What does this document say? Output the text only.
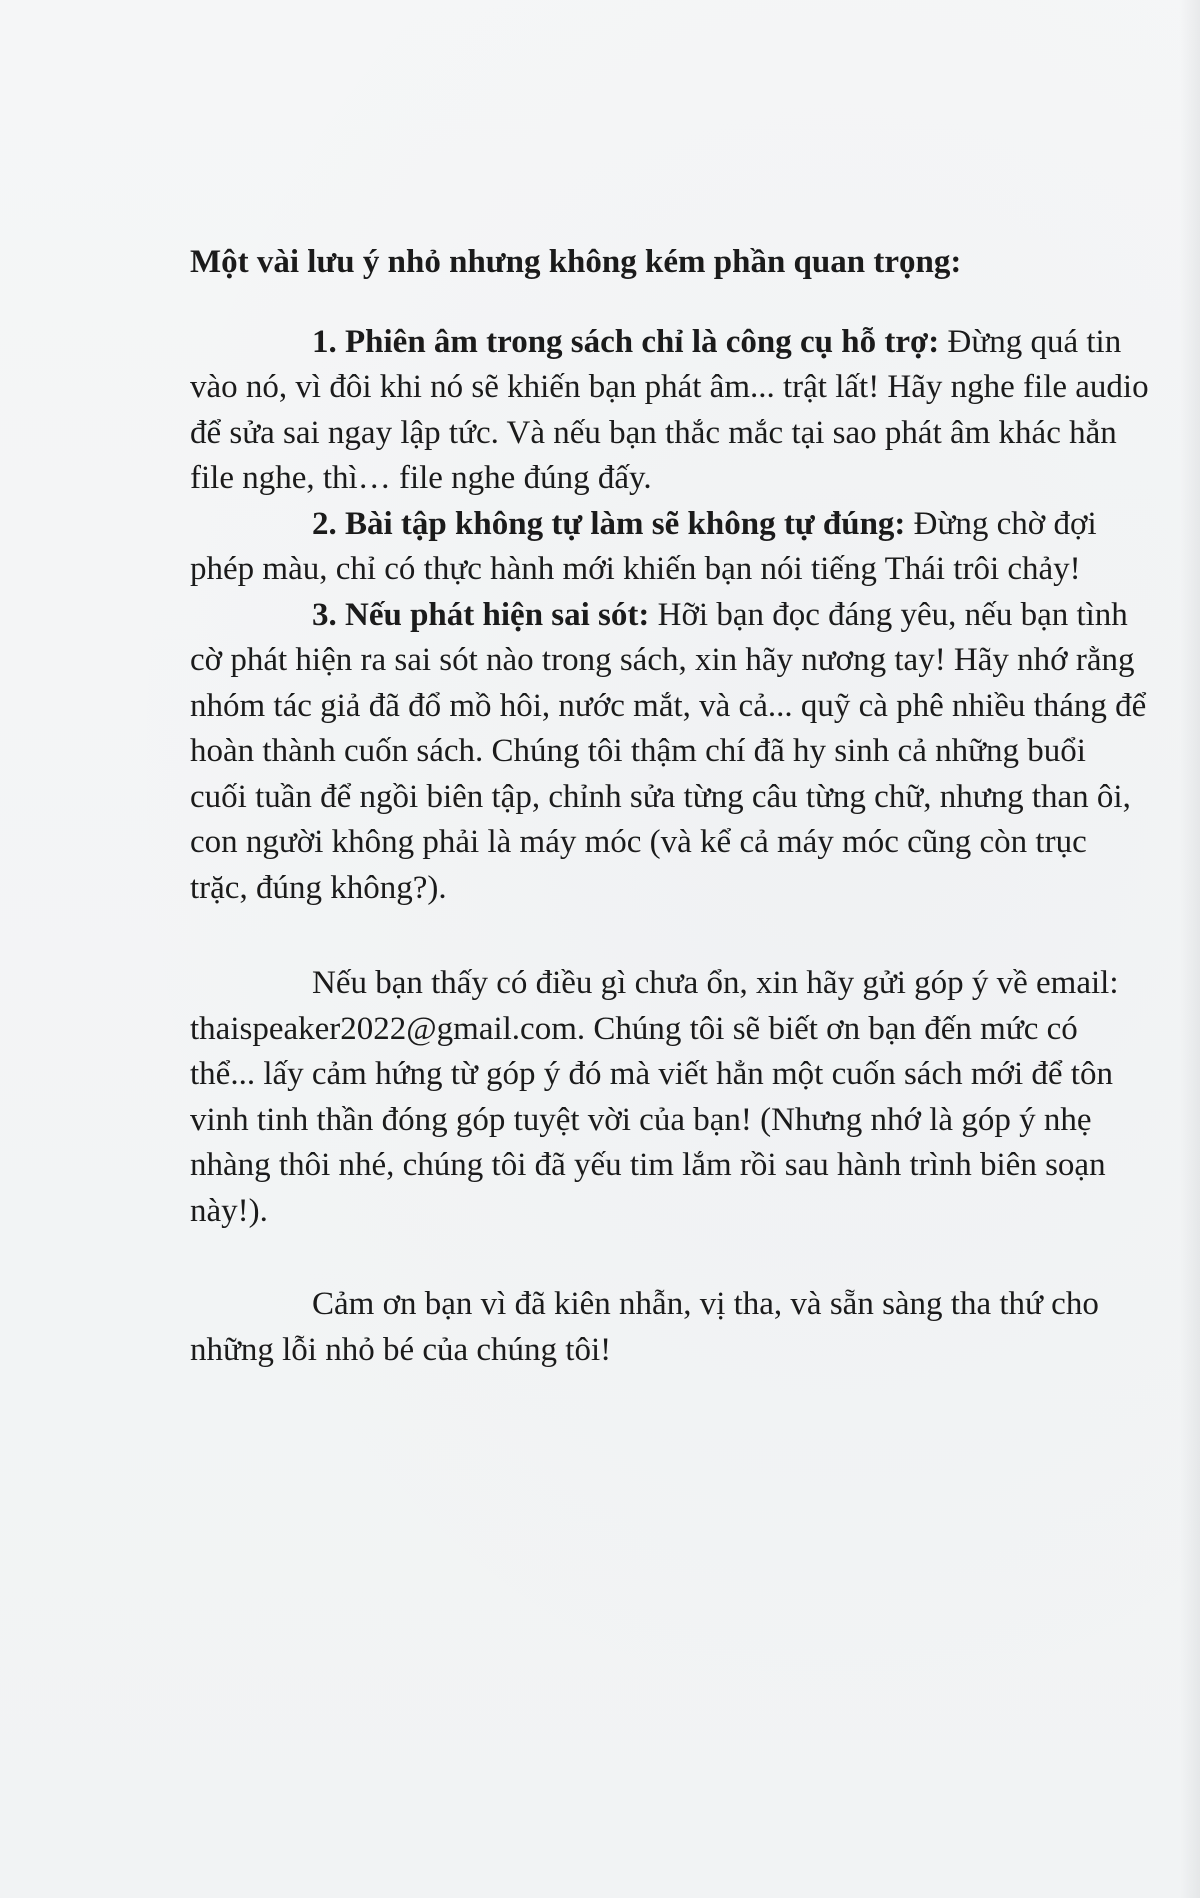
Một vài lưu ý nhỏ nhưng không kém phần quan trọng:

1. Phiên âm trong sách chỉ là công cụ hỗ trợ: Đừng quá tin vào nó, vì đôi khi nó sẽ khiến bạn phát âm... trật lất! Hãy nghe file audio để sửa sai ngay lập tức. Và nếu bạn thắc mắc tại sao phát âm khác hẳn file nghe, thì… file nghe đúng đấy.

2. Bài tập không tự làm sẽ không tự đúng: Đừng chờ đợi phép màu, chỉ có thực hành mới khiến bạn nói tiếng Thái trôi chảy!

3. Nếu phát hiện sai sót: Hỡi bạn đọc đáng yêu, nếu bạn tình cờ phát hiện ra sai sót nào trong sách, xin hãy nương tay! Hãy nhớ rằng nhóm tác giả đã đổ mồ hôi, nước mắt, và cả... quỹ cà phê nhiều tháng để hoàn thành cuốn sách. Chúng tôi thậm chí đã hy sinh cả những buổi cuối tuần để ngồi biên tập, chỉnh sửa từng câu từng chữ, nhưng than ôi, con người không phải là máy móc (và kể cả máy móc cũng còn trục trặc, đúng không?).

Nếu bạn thấy có điều gì chưa ổn, xin hãy gửi góp ý về email: thaispeaker2022@gmail.com. Chúng tôi sẽ biết ơn bạn đến mức có thể... lấy cảm hứng từ góp ý đó mà viết hẳn một cuốn sách mới để tôn vinh tinh thần đóng góp tuyệt vời của bạn! (Nhưng nhớ là góp ý nhẹ nhàng thôi nhé, chúng tôi đã yếu tim lắm rồi sau hành trình biên soạn này!).

Cảm ơn bạn vì đã kiên nhẫn, vị tha, và sẵn sàng tha thứ cho những lỗi nhỏ bé của chúng tôi!
